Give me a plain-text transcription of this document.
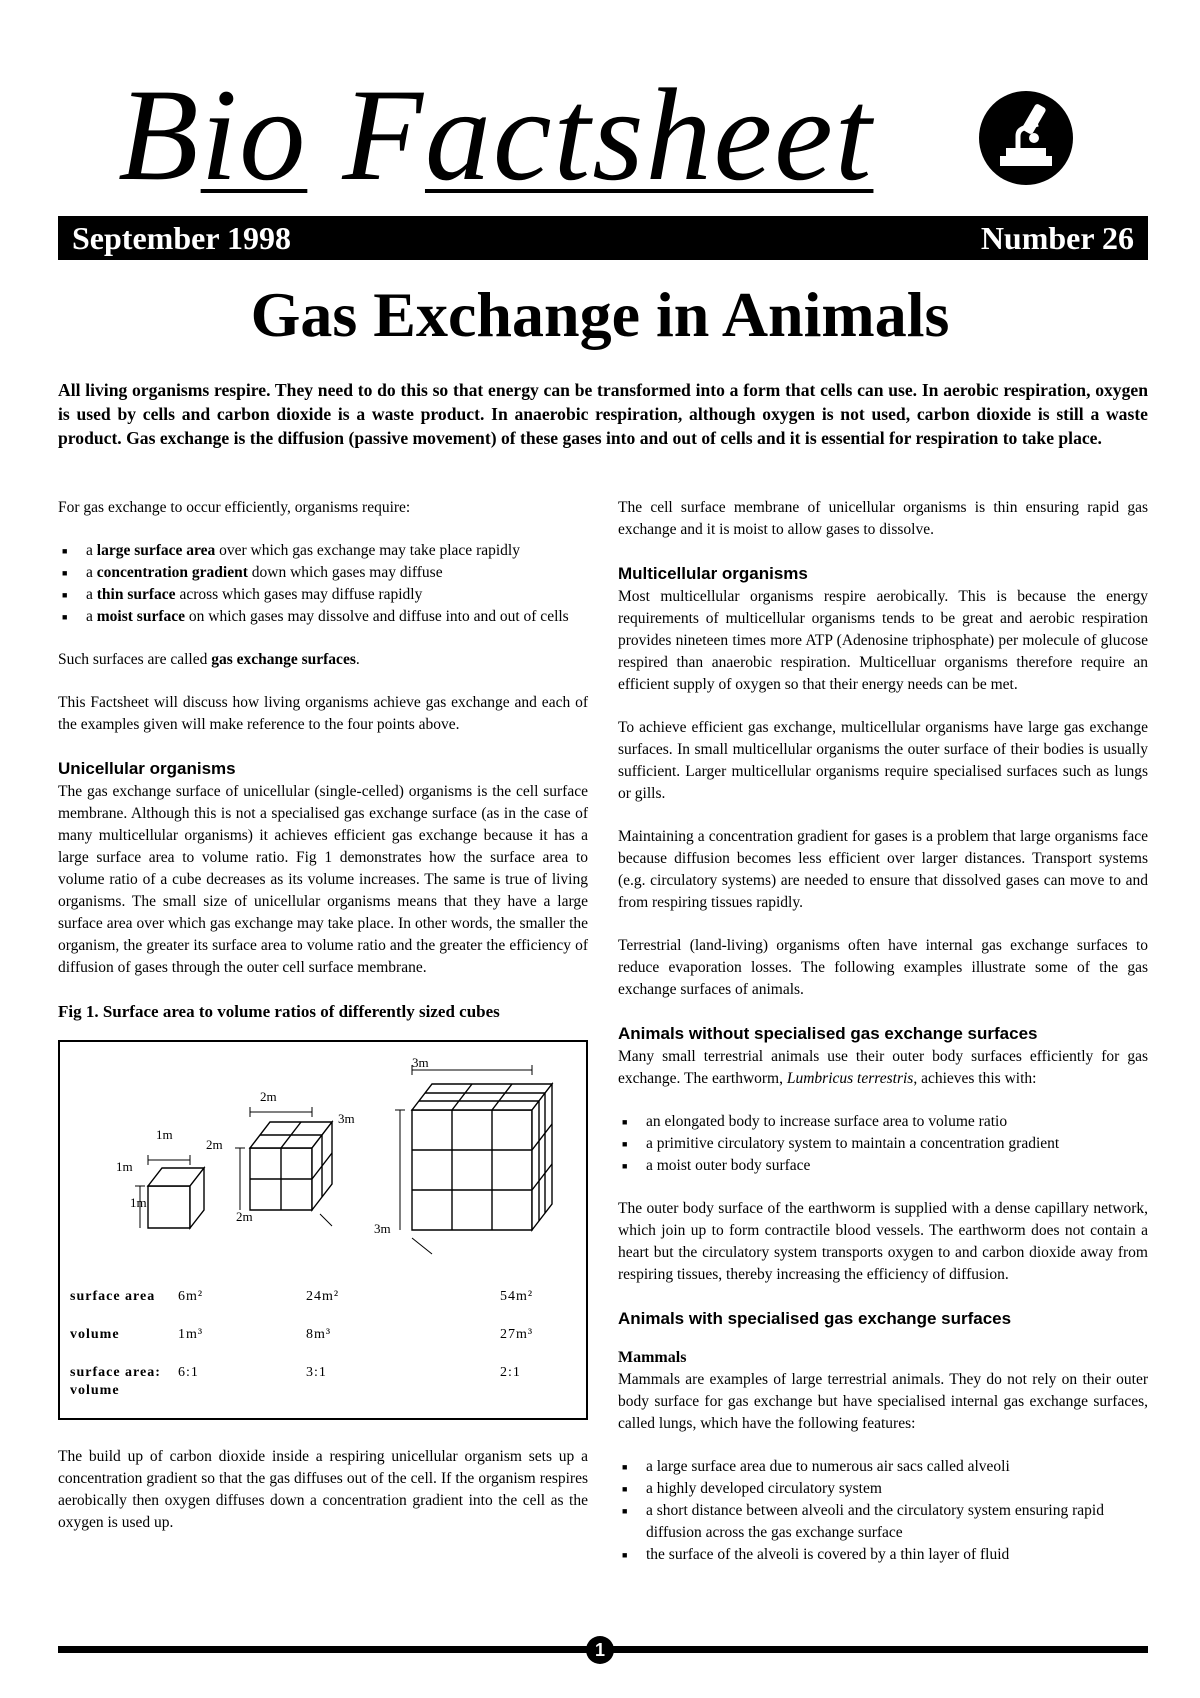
Bio Factsheet
September 1998	Number 26
Gas Exchange in Animals
All living organisms respire. They need to do this so that energy can be transformed into a form that cells can use. In aerobic respiration, oxygen is used by cells and carbon dioxide is a waste product. In anaerobic respiration, although oxygen is not used, carbon dioxide is still a waste product. Gas exchange is the diffusion (passive movement) of these gases into and out of cells and it is essential for respiration to take place.

For gas exchange to occur efficiently, organisms require:

■ a large surface area over which gas exchange may take place rapidly
■ a concentration gradient down which gases may diffuse
■ a thin surface across which gases may diffuse rapidly
■ a moist surface on which gases may dissolve and diffuse into and out of cells

Such surfaces are called gas exchange surfaces.

This Factsheet will discuss how living organisms achieve gas exchange and each of the examples given will make reference to the four points above.

Unicellular organisms

The gas exchange surface of unicellular (single-celled) organisms is the cell surface membrane. Although this is not a specialised gas exchange surface (as in the case of many multicellular organisms) it achieves efficient gas exchange because it has a large surface area to volume ratio. Fig 1 demonstrates how the surface area to volume ratio of a cube decreases as its volume increases. The same is true of living organisms. The small size of unicellular organisms means that they have a large surface area over which gas exchange may take place. In other words, the smaller the organism, the greater its surface area to volume ratio and the greater the efficiency of diffusion of gases through the outer cell surface membrane.

Fig 1. Surface area to volume ratios of differently sized cubes
1m
1m
1m
2m
2m
2m
3m
3m
3m
surface area 6m²	24m²	54m²
volume	1m³	8m³	27m³
surface area: 6:1	3:1	2:1
volume

The build up of carbon dioxide inside a respiring unicellular organism sets up a concentration gradient so that the gas diffuses out of the cell. If the organism respires aerobically then oxygen diffuses down a concentration gradient into the cell as the oxygen is used up.

The cell surface membrane of unicellular organisms is thin ensuring rapid gas exchange and it is moist to allow gases to dissolve.

Multicellular organisms

Most multicellular organisms respire aerobically. This is because the energy requirements of multicellular organisms tends to be great and aerobic respiration provides nineteen times more ATP (Adenosine triphosphate) per molecule of glucose respired than anaerobic respiration. Multicelluar organisms therefore require an efficient supply of oxygen so that their energy needs can be met.

To achieve efficient gas exchange, multicellular organisms have large gas exchange surfaces. In small multicellular organisms the outer surface of their bodies is usually sufficient. Larger multicellular organisms require specialised surfaces such as lungs or gills.

Maintaining a concentration gradient for gases is a problem that large organisms face because diffusion becomes less efficient over larger distances. Transport systems (e.g. circulatory systems) are needed to ensure that dissolved gases can move to and from respiring tissues rapidly.

Terrestrial (land-living) organisms often have internal gas exchange surfaces to reduce evaporation losses. The following examples illustrate some of the gas exchange surfaces of animals.

Animals without specialised gas exchange surfaces

Many small terrestrial animals use their outer body surfaces efficiently for gas exchange. The earthworm, Lumbricus terrestris, achieves this with:

■ an elongated body to increase surface area to volume ratio
■ a primitive circulatory system to maintain a concentration gradient
■ a moist outer body surface

The outer body surface of the earthworm is supplied with a dense capillary network, which join up to form contractile blood vessels. The earthworm does not contain a heart but the circulatory system transports oxygen to and carbon dioxide away from respiring tissues, thereby increasing the efficiency of diffusion.

Animals with specialised gas exchange surfaces
Mammals

Mammals are examples of large terrestrial animals. They do not rely on their outer body surface for gas exchange but have specialised internal gas exchange surfaces, called lungs, which have the following features:

■ a large surface area due to numerous air sacs called alveoli
■ a highly developed circulatory system
■ a short distance between alveoli and the circulatory system ensuring rapid diffusion across the gas exchange surface
■ the surface of the alveoli is covered by a thin layer of fluid
1
